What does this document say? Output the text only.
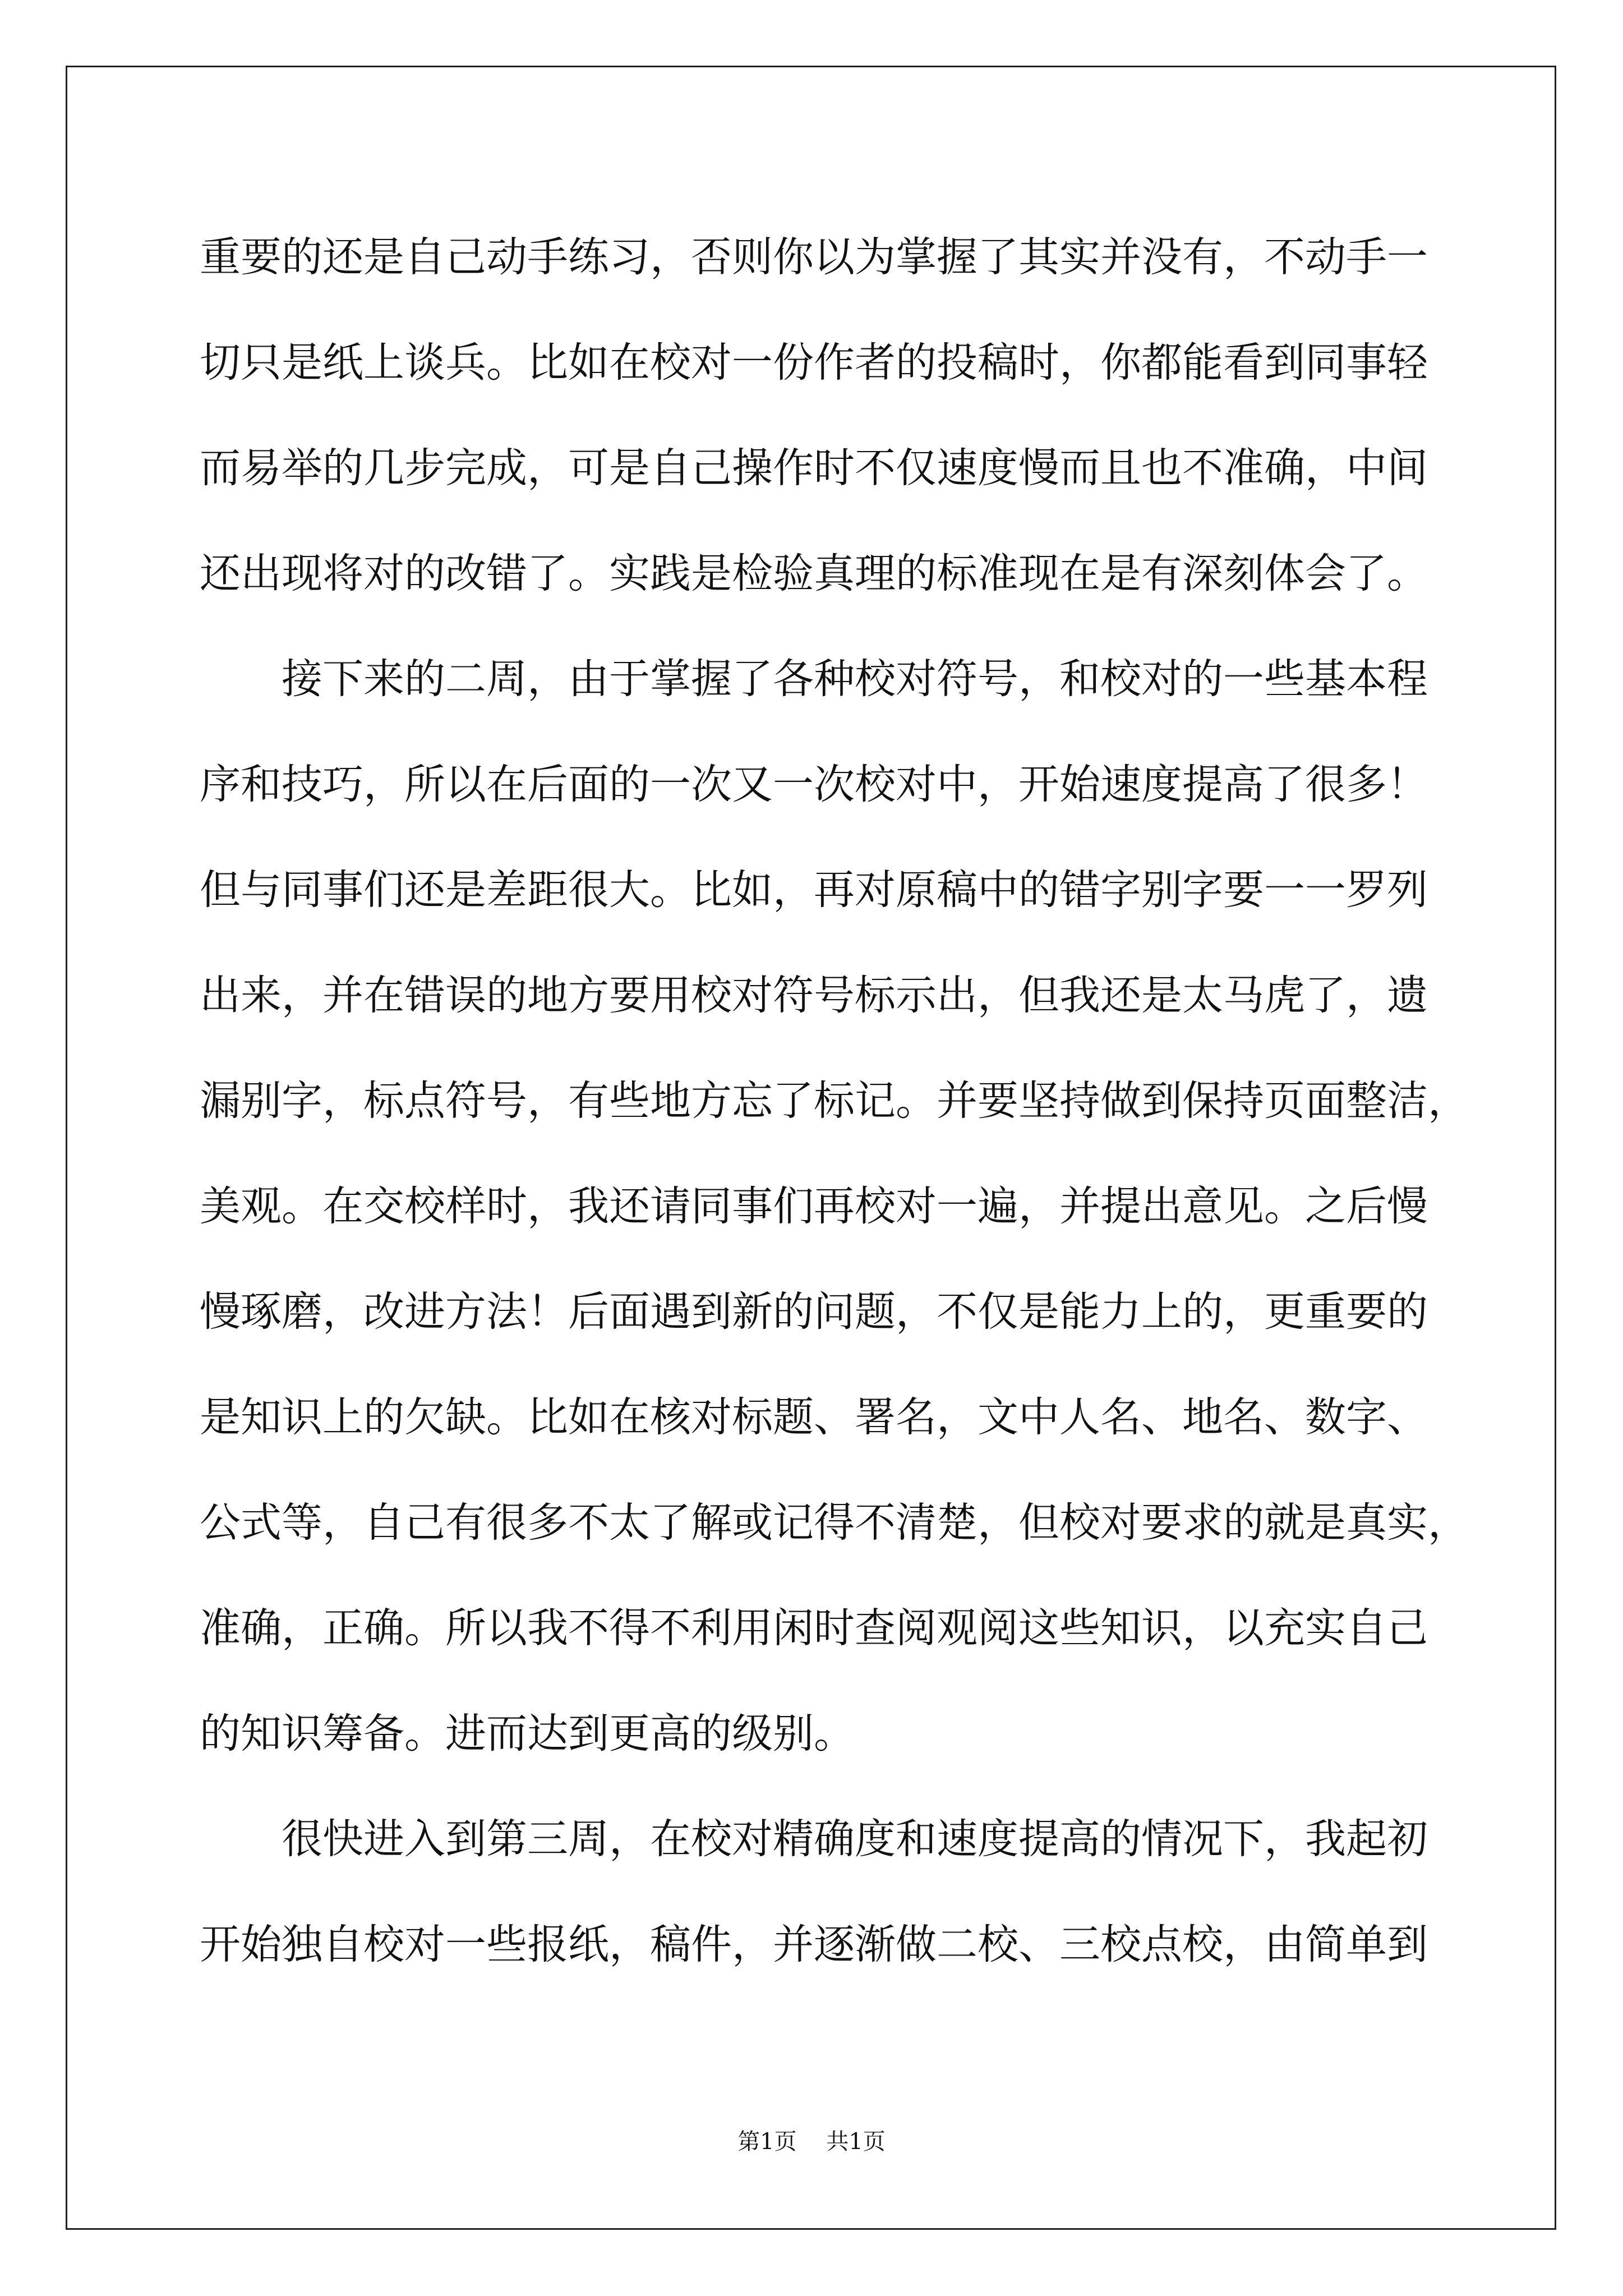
重要的还是自己动手练习，否则你以为掌握了其实并没有，不动手一
切只是纸上谈兵。比如在校对一份作者的投稿时，你都能看到同事轻
而易举的几步完成，可是自己操作时不仅速度慢而且也不准确，中间
还出现将对的改错了。实践是检验真理的标准现在是有深刻体会了。
接下来的二周，由于掌握了各种校对符号，和校对的一些基本程
序和技巧，所以在后面的一次又一次校对中，开始速度提高了很多！
但与同事们还是差距很大。比如，再对原稿中的错字别字要一一罗列
出来，并在错误的地方要用校对符号标示出，但我还是太马虎了，遗
漏别字，标点符号，有些地方忘了标记。并要坚持做到保持页面整洁，
美观。在交校样时，我还请同事们再校对一遍，并提出意见。之后慢
慢琢磨，改进方法！后面遇到新的问题，不仅是能力上的，更重要的
是知识上的欠缺。比如在核对标题、署名，文中人名、地名、数字、
公式等，自己有很多不太了解或记得不清楚，但校对要求的就是真实，
准确，正确。所以我不得不利用闲时查阅观阅这些知识，以充实自己
的知识筹备。进而达到更高的级别。
很快进入到第三周，在校对精确度和速度提高的情况下，我起初
开始独自校对一些报纸，稿件，并逐渐做二校、三校点校，由简单到
第1页 共1页
